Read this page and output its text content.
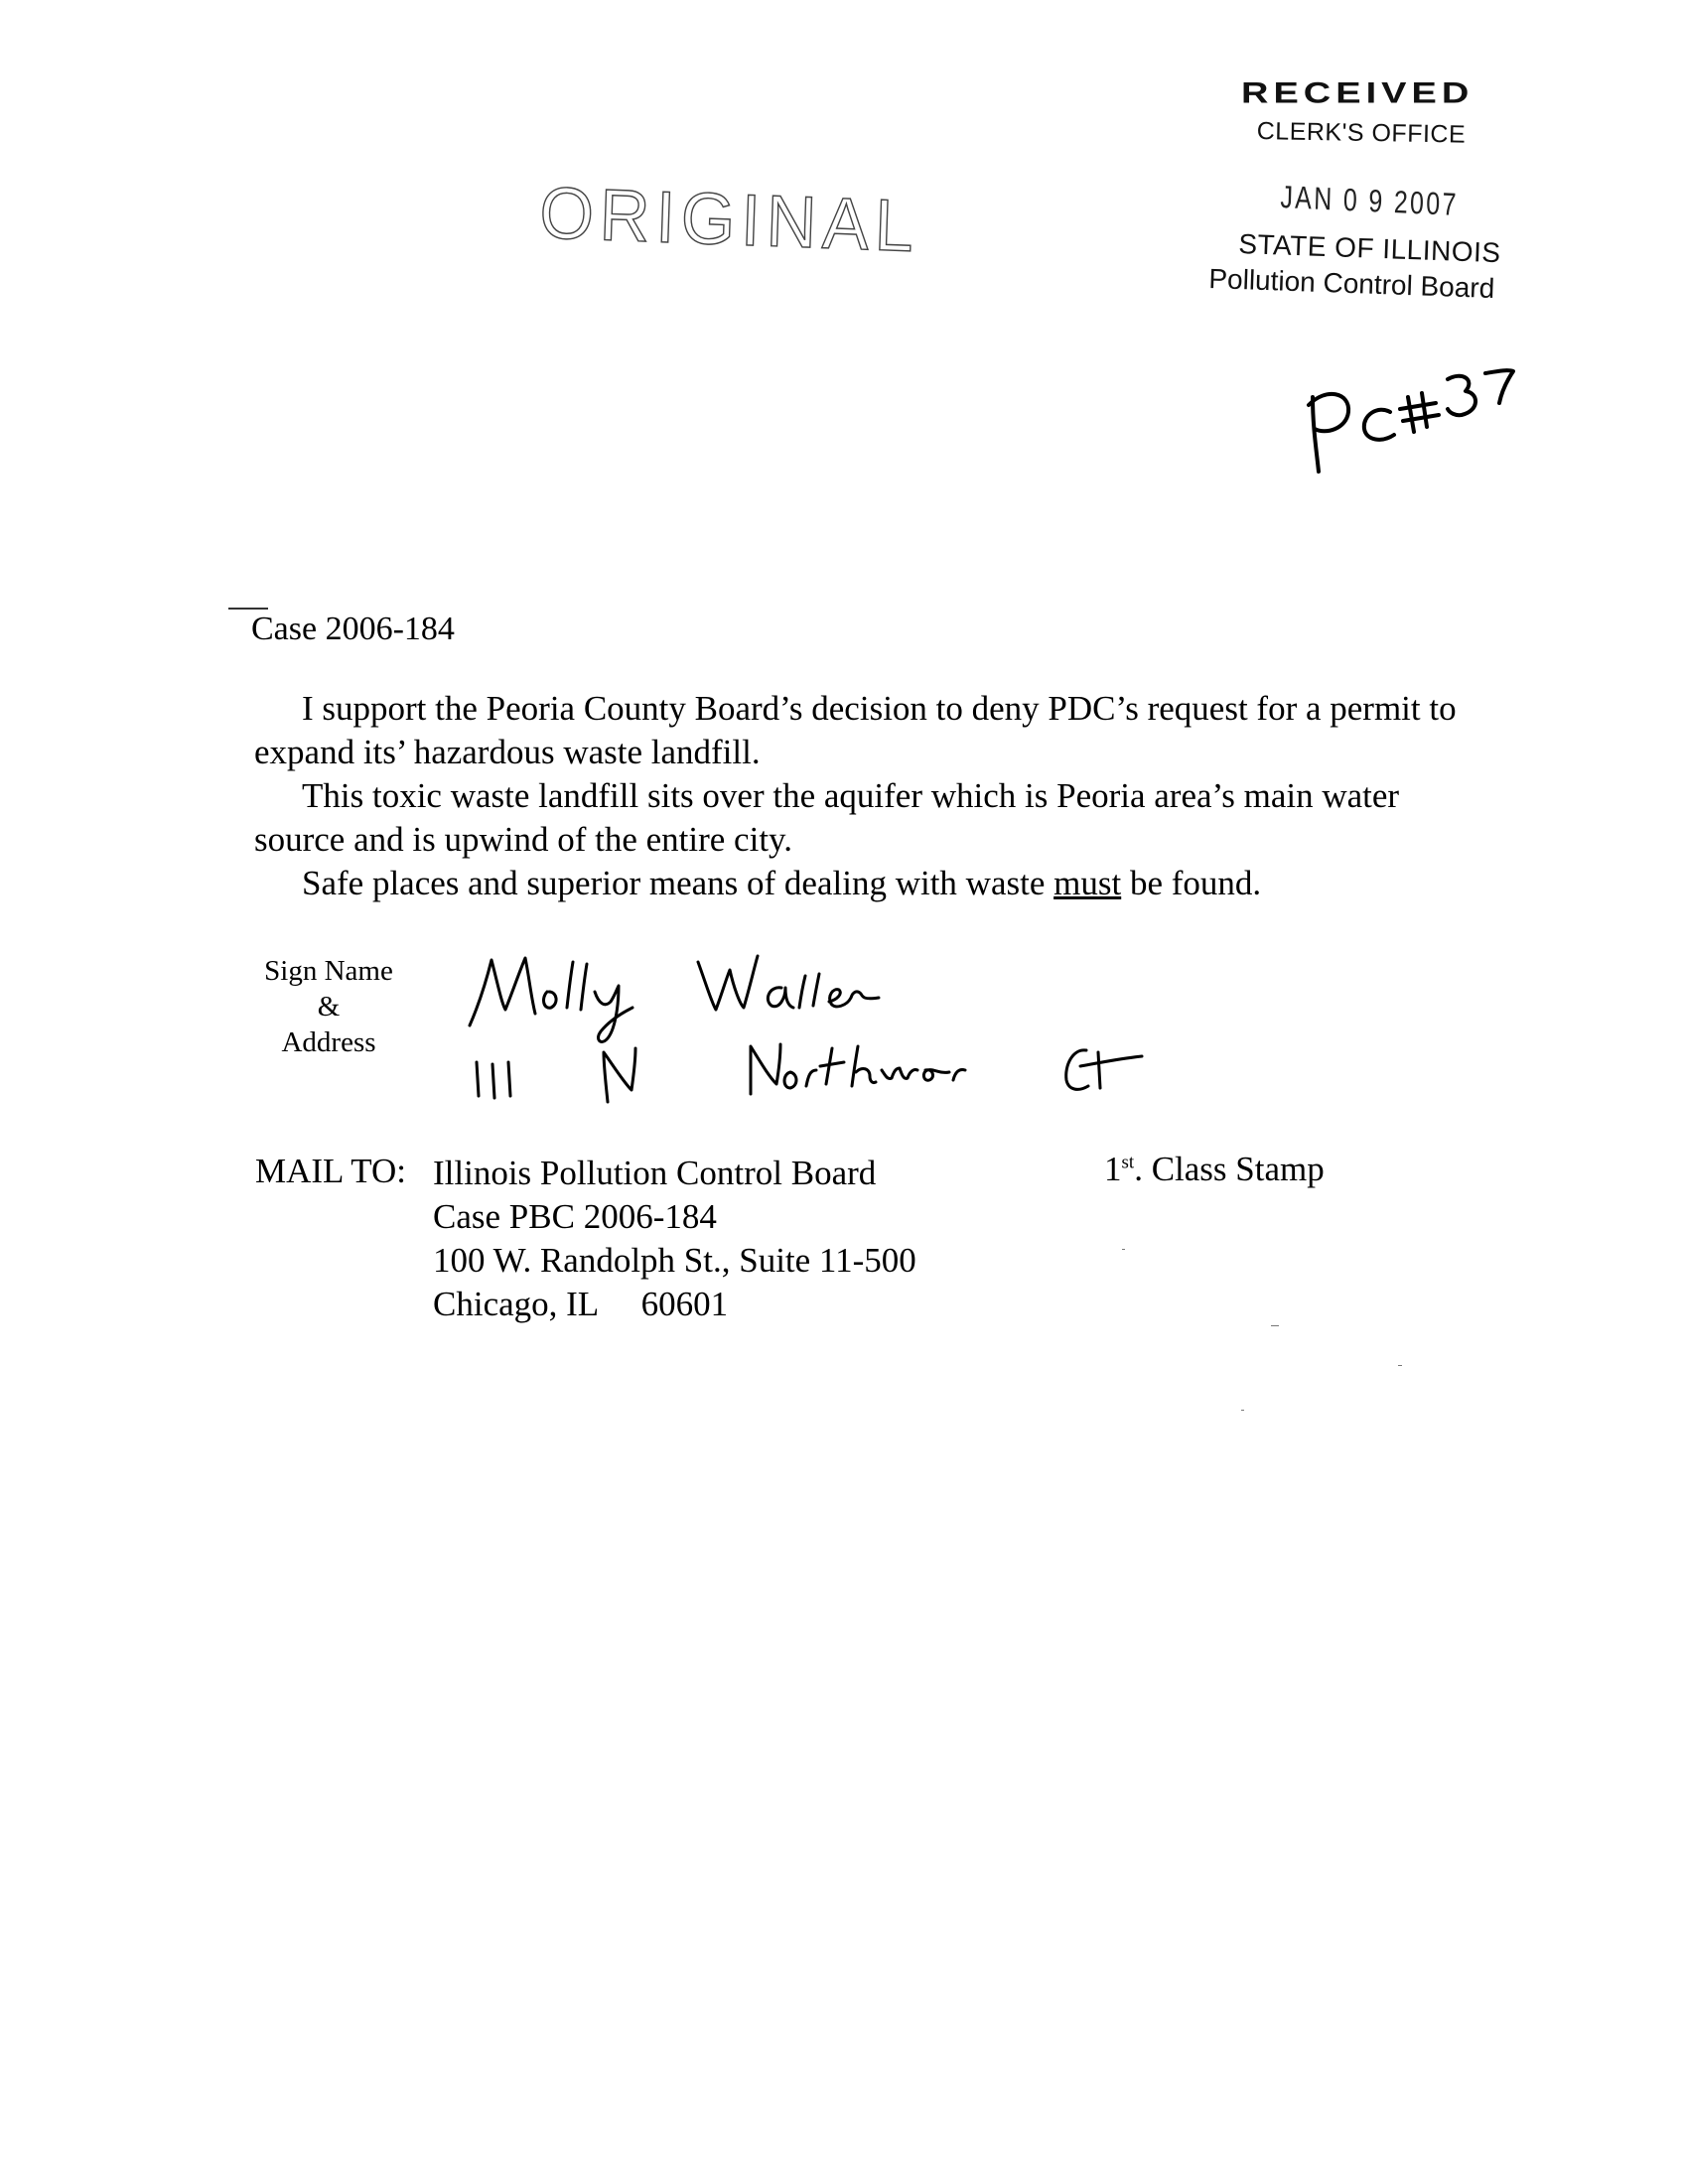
RECEIVED
CLERK'S OFFICE
JAN 0 9 2007
STATE OF ILLINOIS
Pollution Control Board
ORIGINAL
Case 2006-184

I support the Peoria County Board’s decision to deny PDC’s request for a permit to expand its’ hazardous waste landfill.

This toxic waste landfill sits over the aquifer which is Peoria area’s main water source and is upwind of the entire city.

Safe places and superior means of dealing with waste must be found.

Sign Name
&
Address
MAIL TO: Illinois Pollution Control Board
Case PBC 2006-184
100 W. Randolph St., Suite 11-500
Chicago, IL     60601
1st. Class Stamp
